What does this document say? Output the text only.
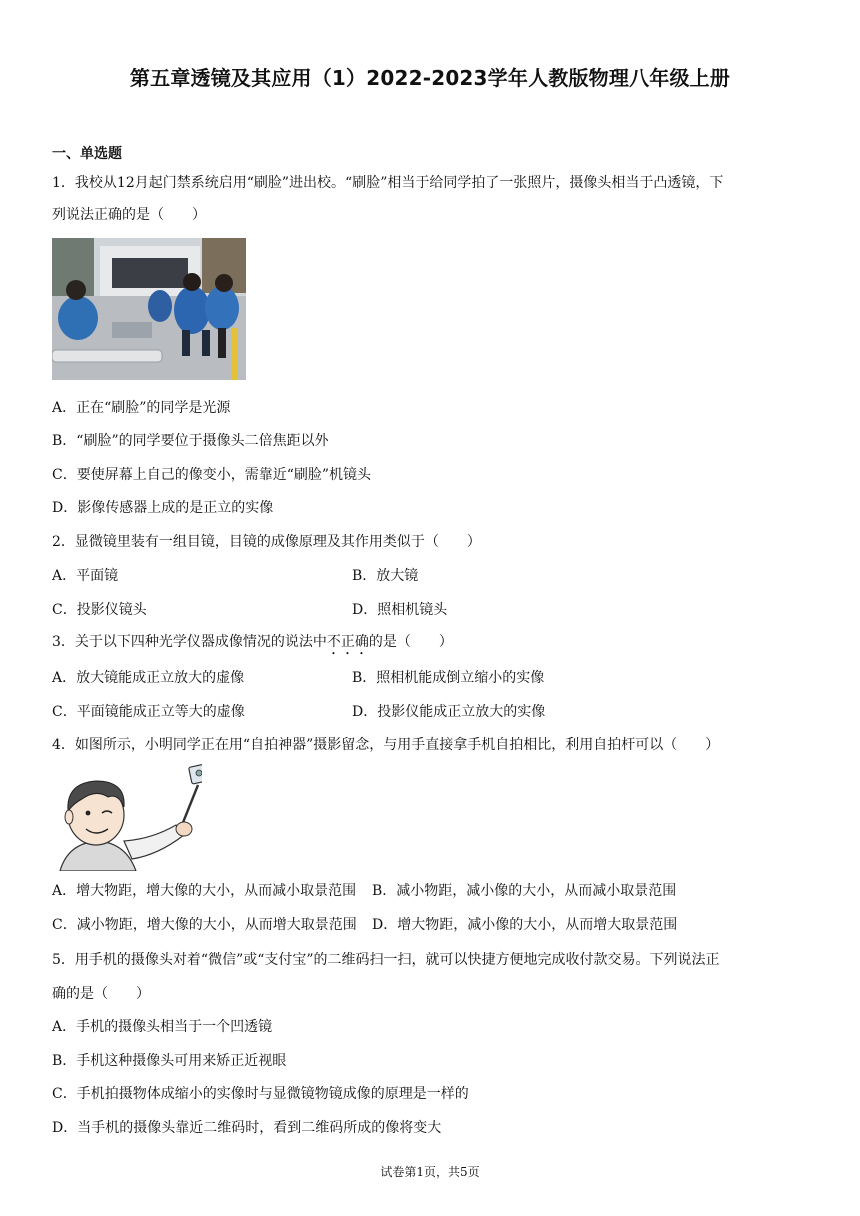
第五章透镜及其应用（1）2022-2023学年人教版物理八年级上册
一、单选题
1．我校从12月起门禁系统启用“刷脸”进出校。“刷脸”相当于给同学拍了一张照片，摄像头相当于凸透镜，下
列说法正确的是（　　）
A．正在“刷脸”的同学是光源
B．“刷脸”的同学要位于摄像头二倍焦距以外
C．要使屏幕上自己的像变小，需靠近“刷脸”机镜头
D．影像传感器上成的是正立的实像
2．显微镜里装有一组目镜，目镜的成像原理及其作用类似于（　　）
A．平面镜	B．放大镜
C．投影仪镜头	D．照相机镜头
3．关于以下四种光学仪器成像情况的说法中不正确的是（　　）
A．放大镜能成正立放大的虚像	B．照相机能成倒立缩小的实像
C．平面镜能成正立等大的虚像	D．投影仪能成正立放大的实像
4．如图所示，小明同学正在用“自拍神器”摄影留念，与用手直接拿手机自拍相比，利用自拍杆可以（　　）
A．增大物距，增大像的大小，从而减小取景范围 B．减小物距，减小像的大小，从而减小取景范围
C．减小物距，增大像的大小，从而增大取景范围 D．增大物距，减小像的大小，从而增大取景范围
5．用手机的摄像头对着“微信”或“支付宝”的二维码扫一扫，就可以快捷方便地完成收付款交易。下列说法正
确的是（　　）
A．手机的摄像头相当于一个凹透镜
B．手机这种摄像头可用来矫正近视眼
C．手机拍摄物体成缩小的实像时与显微镜物镜成像的原理是一样的
D．当手机的摄像头靠近二维码时，看到二维码所成的像将变大
试卷第1页，共5页
